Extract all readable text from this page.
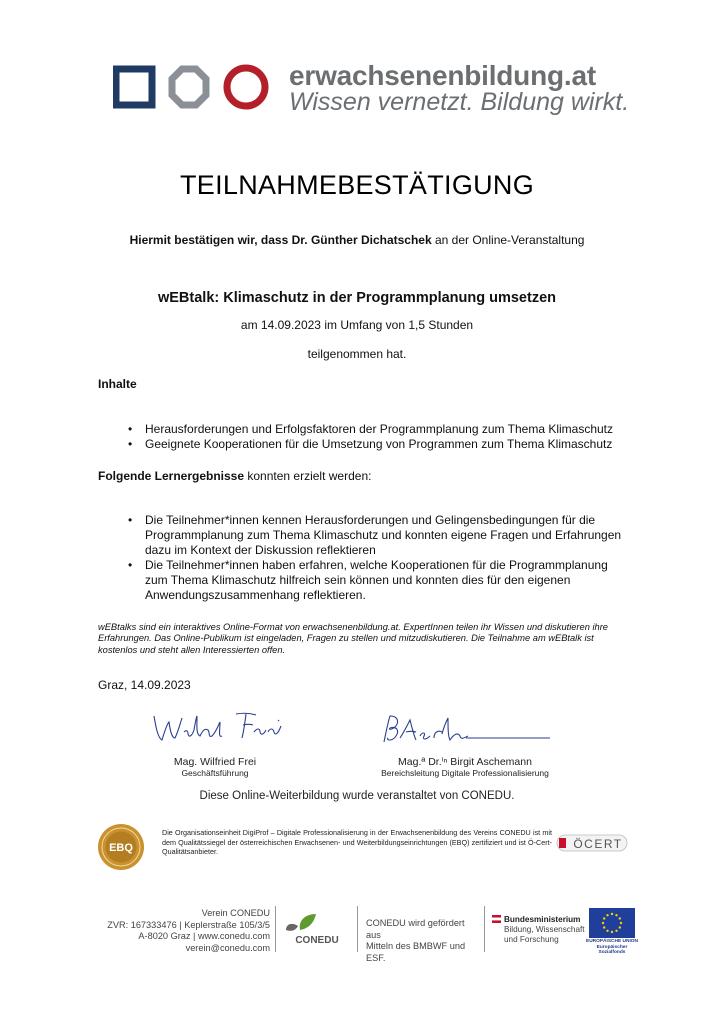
erwachsenenbildung.at
Wissen vernetzt. Bildung wirkt.
TEILNAHMEBESTÄTIGUNG
Hiermit bestätigen wir, dass Dr. Günther Dichatschek an der Online-Veranstaltung
wEBtalk: Klimaschutz in der Programmplanung umsetzen
am 14.09.2023 im Umfang von 1,5 Stunden
teilgenommen hat.
Inhalte
• Herausforderungen und Erfolgsfaktoren der Programmplanung zum Thema Klimaschutz
• Geeignete Kooperationen für die Umsetzung von Programmen zum Thema Klimaschutz
Folgende Lernergebnisse konnten erzielt werden:
• Die Teilnehmer*innen kennen Herausforderungen und Gelingensbedingungen für die Programmplanung zum Thema Klimaschutz und konnten eigene Fragen und Erfahrungen dazu im Kontext der Diskussion reflektieren
• Die Teilnehmer*innen haben erfahren, welche Kooperationen für die Programmplanung zum Thema Klimaschutz hilfreich sein können und konnten dies für den eigenen Anwendungszusammenhang reflektieren.
wEBtalks sind ein interaktives Online-Format von erwachsenenbildung.at. ExpertInnen teilen ihr Wissen und diskutieren ihre Erfahrungen. Das Online-Publikum ist eingeladen, Fragen zu stellen und mitzudiskutieren. Die Teilnahme am wEBtalk ist kostenlos und steht allen Interessierten offen.
Graz, 14.09.2023
Mag. Wilfried Frei
Geschäftsführung
Mag.ª Dr.ⁱⁿ Birgit Aschemann
Bereichsleitung Digitale Professionalisierung
Diese Online-Weiterbildung wurde veranstaltet von CONEDU.
EBQ
Die Organisationseinheit DigiProf – Digitale Professionalisierung in der Erwachsenenbildung des Vereins CONEDU ist mit dem Qualitätssiegel der österreichischen Erwachsenen- und Weiterbildungseinrichtungen (EBQ) zertifiziert und ist Ö-Cert-Qualitätsanbieter.
ÖCERT
Verein CONEDU
ZVR: 167333476 | Keplerstraße 105/3/5
A-8020 Graz | www.conedu.com
verein@conedu.com
CONEDU
CONEDU wird gefördert aus
Mitteln des BMBWF und ESF.
Bundesministerium
Bildung, Wissenschaft
und Forschung	EUROPÄISCHE UNION
Europäischer Sozialfonds
